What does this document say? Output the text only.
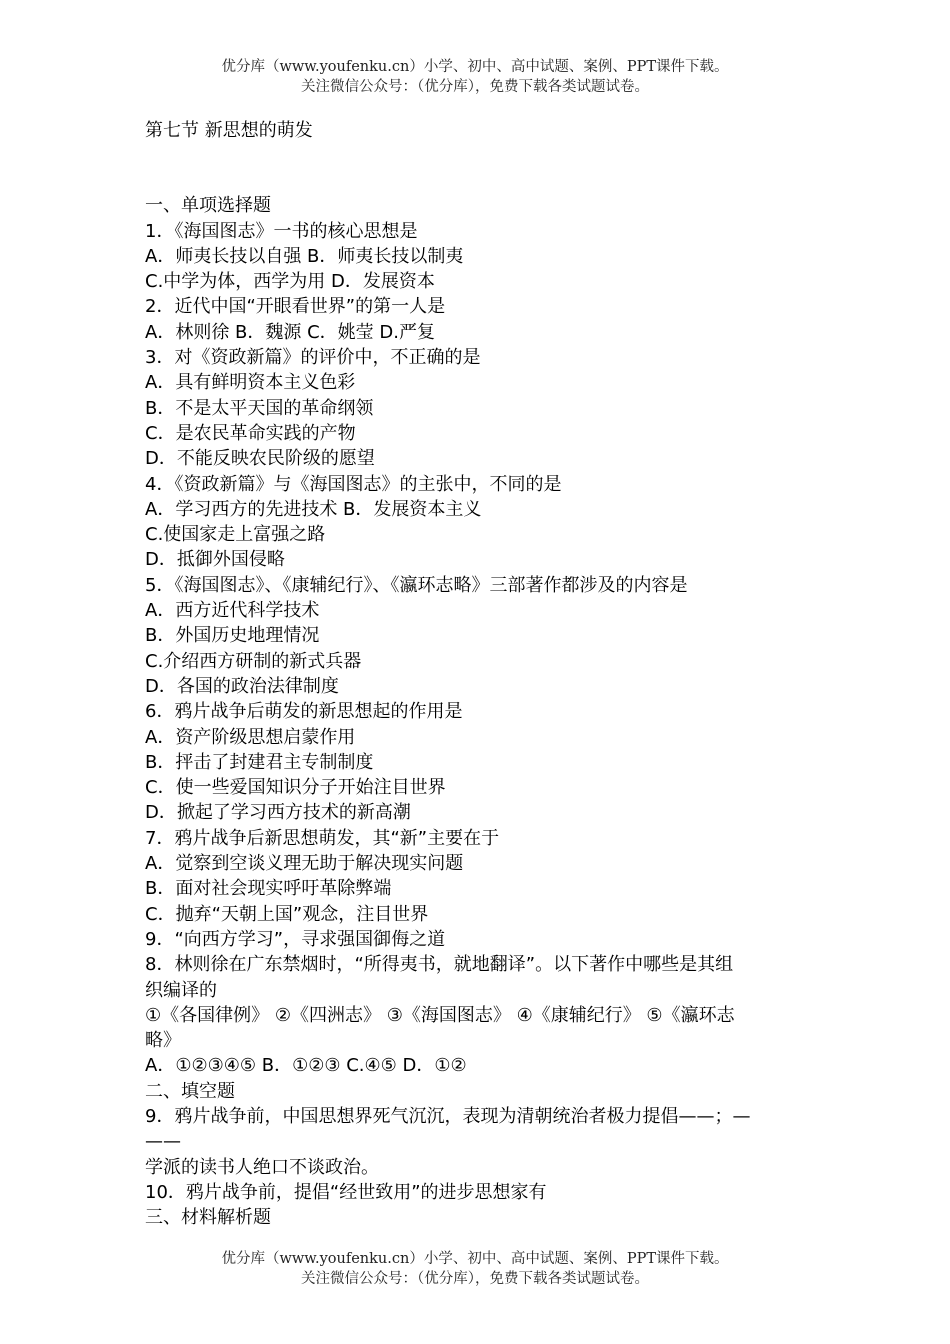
优分库（www.youfenku.cn）小学、初中、高中试题、案例、PPT课件下载。
关注微信公众号：（优分库），免费下载各类试题试卷。
第七节 新思想的萌发
一、单项选择题
1．《海国图志》一书的核心思想是
A．师夷长技以自强 B．师夷长技以制夷
C.中学为体，西学为用 D．发展资本
2．近代中国“开眼看世界”的第一人是
A．林则徐 B．魏源 C．姚莹 D.严复
3．对《资政新篇》的评价中，不正确的是
A．具有鲜明资本主义色彩
B．不是太平天国的革命纲领
C．是农民革命实践的产物
D．不能反映农民阶级的愿望
4．《资政新篇》与《海国图志》的主张中，不同的是
A．学习西方的先进技术 B．发展资本主义
C.使国家走上富强之路
D．抵御外国侵略
5．《海国图志》、《康辅纪行》、《瀛环志略》三部著作都涉及的内容是
A．西方近代科学技术
B．外国历史地理情况
C.介绍西方研制的新式兵器
D．各国的政治法律制度
6．鸦片战争后萌发的新思想起的作用是
A．资产阶级思想启蒙作用
B．抨击了封建君主专制制度
C．使一些爱国知识分子开始注目世界
D．掀起了学习西方技术的新高潮
7．鸦片战争后新思想萌发，其“新”主要在于
A．觉察到空谈义理无助于解决现实问题
B．面对社会现实呼吁革除弊端
C．抛弃“天朝上国”观念，注目世界
9．“向西方学习”，寻求强国御侮之道
8．林则徐在广东禁烟时，“所得夷书，就地翻译”。以下著作中哪些是其组
织编译的
①《各国律例》 ②《四洲志》 ③《海国图志》 ④《康辅纪行》 ⑤《瀛环志
略》
A．①②③④⑤ B．①②③ C.④⑤ D．①②
二、填空题
9．鸦片战争前，中国思想界死气沉沉，表现为清朝统治者极力提倡——；—
——
学派的读书人绝口不谈政治。
10．鸦片战争前，提倡“经世致用”的进步思想家有
三、材料解析题
优分库（www.youfenku.cn）小学、初中、高中试题、案例、PPT课件下载。
关注微信公众号：（优分库），免费下载各类试题试卷。
